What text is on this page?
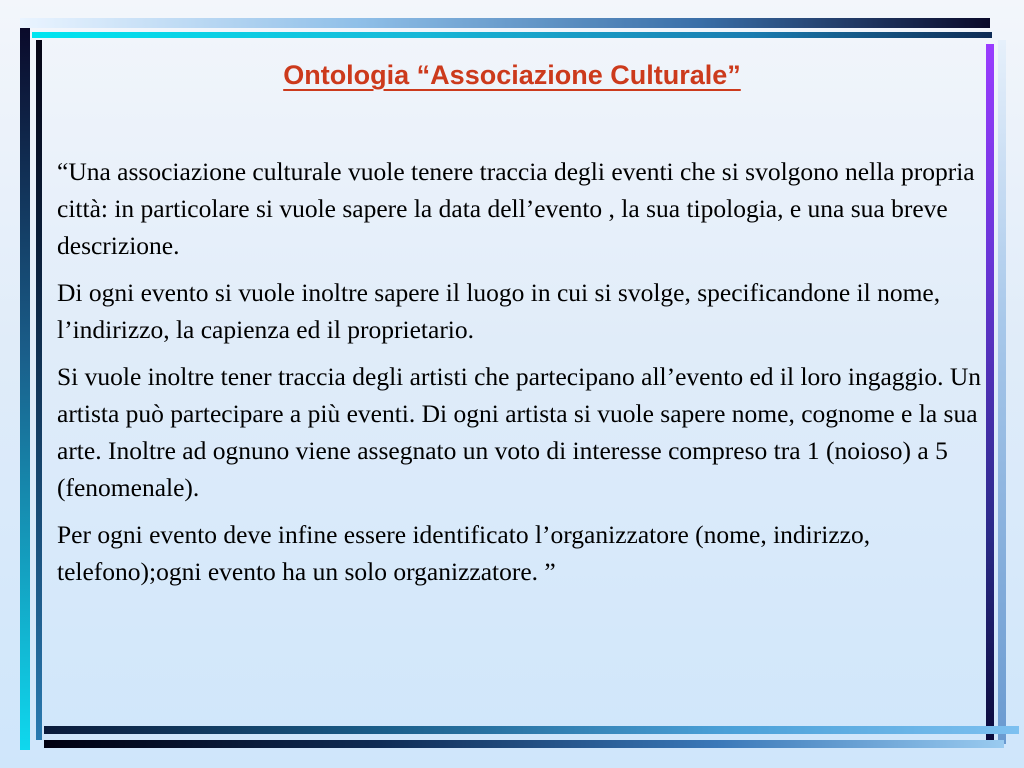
Ontologia “Associazione Culturale”

“Una associazione culturale vuole tenere traccia degli eventi che si svolgono nella propria città: in particolare si vuole sapere la data dell’evento , la sua tipologia, e una sua breve descrizione.

Di ogni evento si vuole inoltre sapere il luogo in cui si svolge, specificandone il nome, l’indirizzo, la capienza ed il proprietario.

Si vuole inoltre tener traccia degli artisti che partecipano all’evento ed il loro ingaggio. Un artista può partecipare a più eventi. Di ogni artista si vuole sapere nome, cognome e la sua arte. Inoltre ad ognuno viene assegnato un voto di interesse compreso tra 1 (noioso) a 5 (fenomenale).

Per ogni evento deve infine essere identificato l’organizzatore (nome, indirizzo, telefono);ogni evento ha un solo organizzatore. ”
